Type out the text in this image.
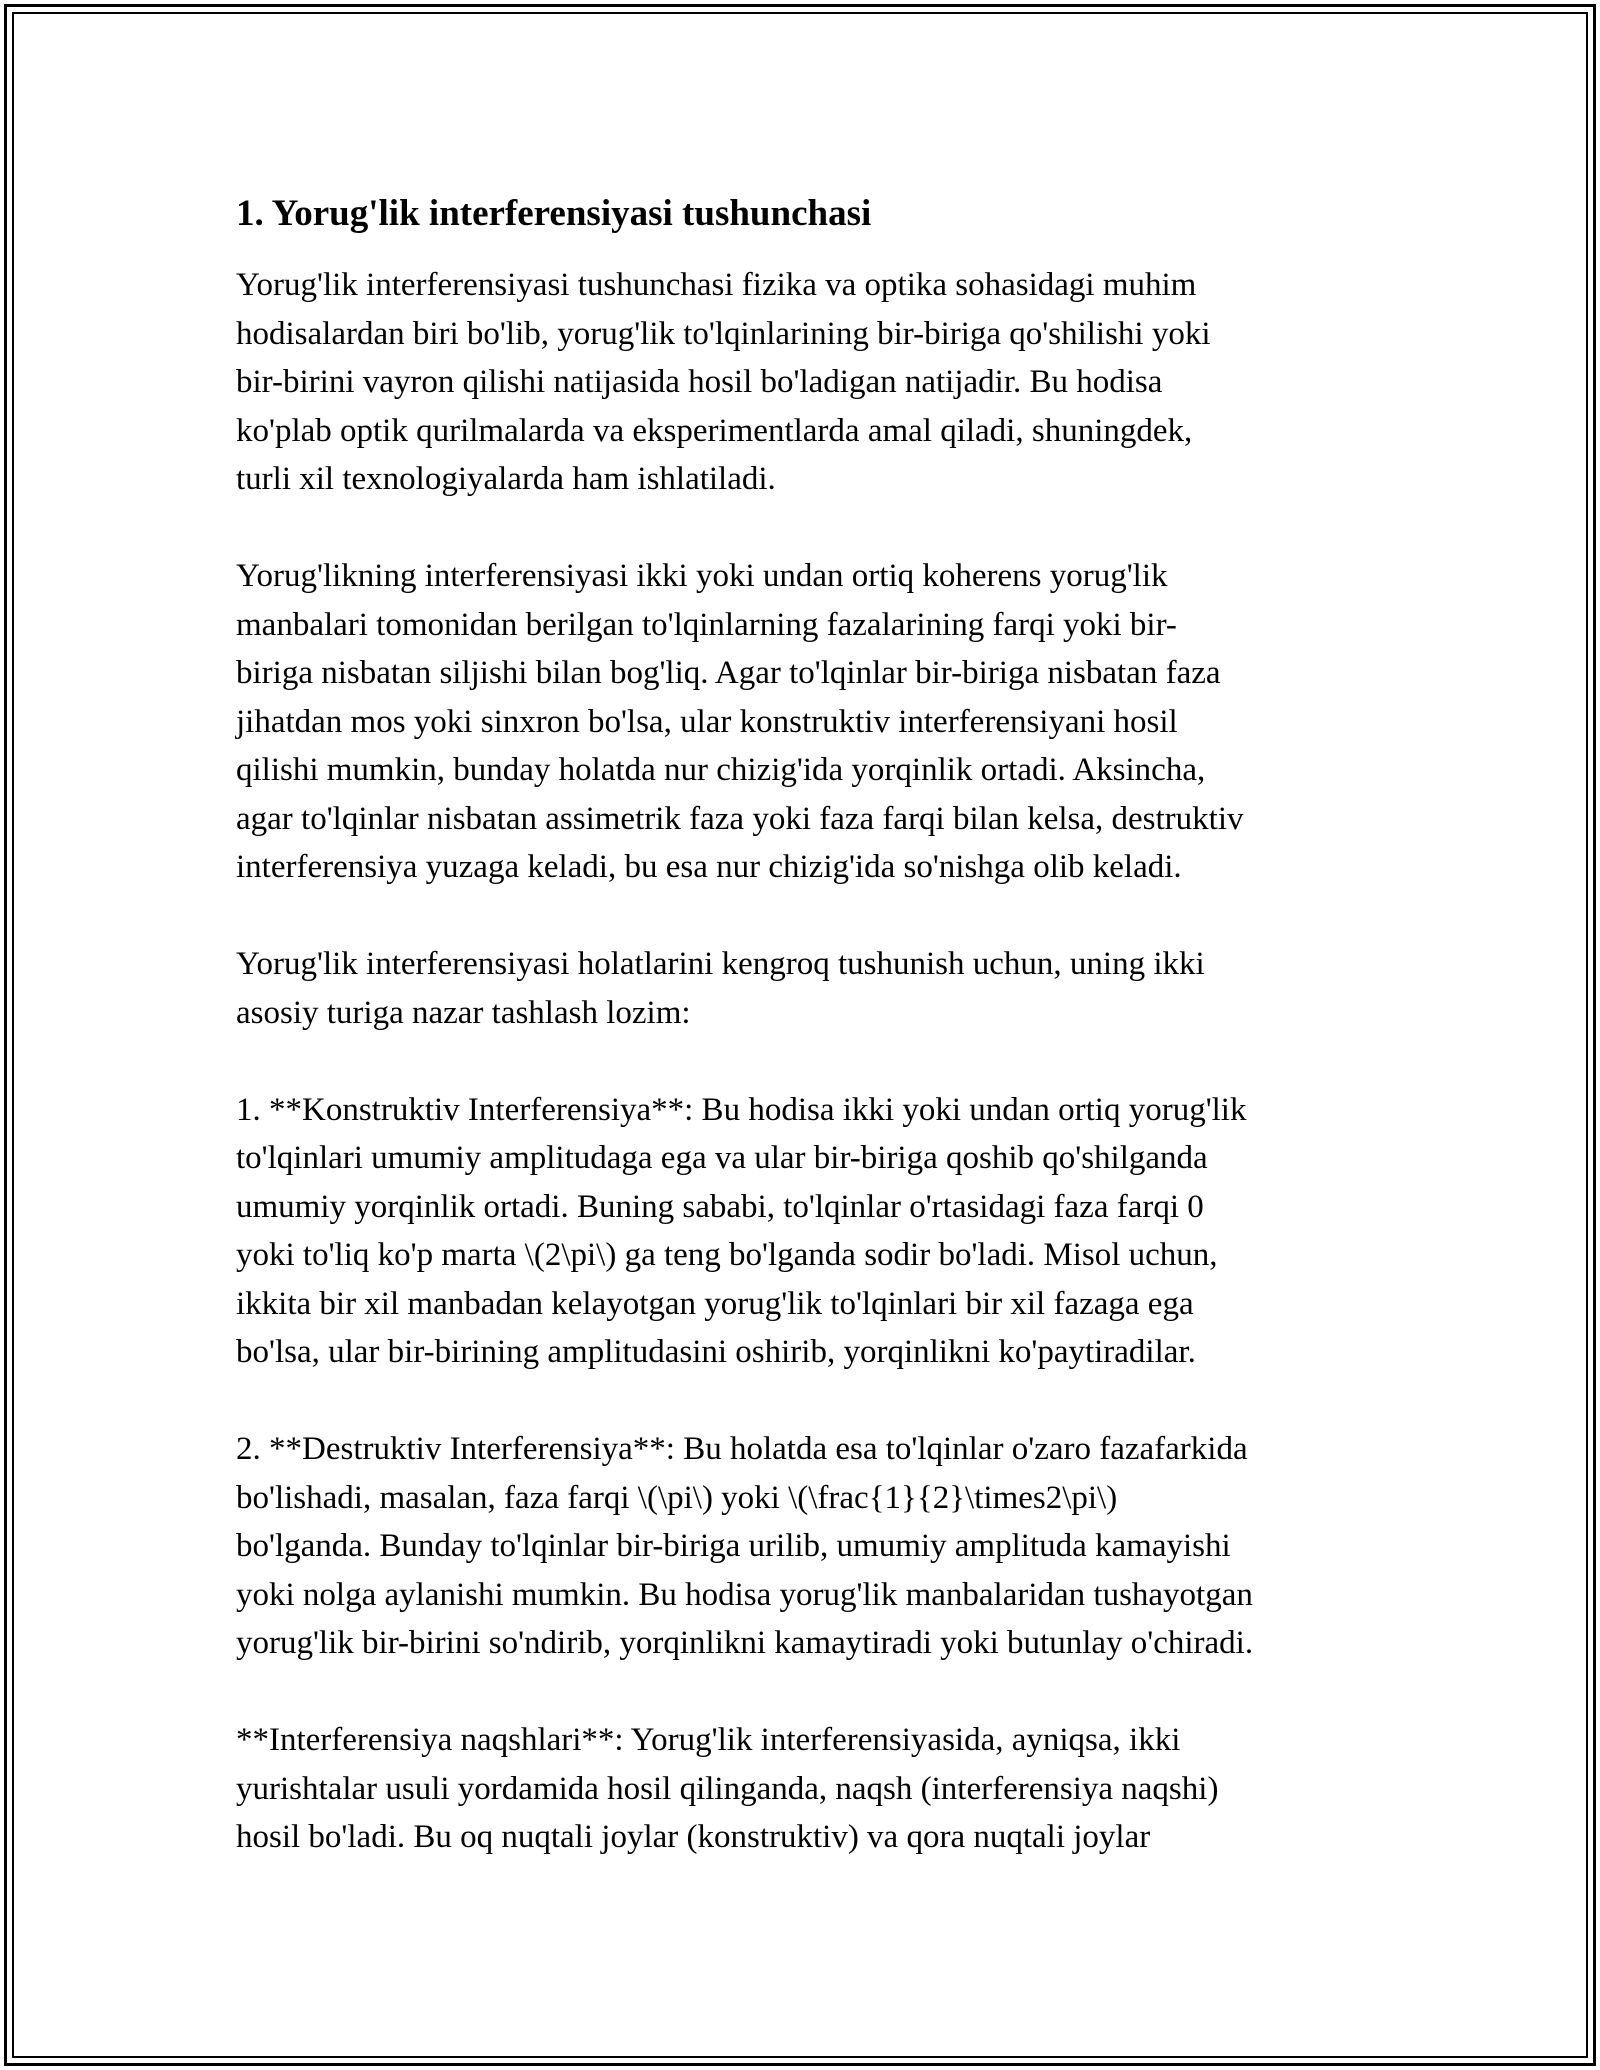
1. Yorug'lik interferensiyasi tushunchasi

Yorug'lik interferensiyasi tushunchasi fizika va optika sohasidagi muhim
hodisalardan biri bo'lib, yorug'lik to'lqinlarining bir-biriga qo'shilishi yoki
bir-birini vayron qilishi natijasida hosil bo'ladigan natijadir. Bu hodisa
ko'plab optik qurilmalarda va eksperimentlarda amal qiladi, shuningdek,
turli xil texnologiyalarda ham ishlatiladi.

Yorug'likning interferensiyasi ikki yoki undan ortiq koherens yorug'lik
manbalari tomonidan berilgan to'lqinlarning fazalarining farqi yoki bir-
biriga nisbatan siljishi bilan bog'liq. Agar to'lqinlar bir-biriga nisbatan faza
jihatdan mos yoki sinxron bo'lsa, ular konstruktiv interferensiyani hosil
qilishi mumkin, bunday holatda nur chizig'ida yorqinlik ortadi. Aksincha,
agar to'lqinlar nisbatan assimetrik faza yoki faza farqi bilan kelsa, destruktiv
interferensiya yuzaga keladi, bu esa nur chizig'ida so'nishga olib keladi.

Yorug'lik interferensiyasi holatlarini kengroq tushunish uchun, uning ikki
asosiy turiga nazar tashlash lozim:

1. **Konstruktiv Interferensiya**: Bu hodisa ikki yoki undan ortiq yorug'lik
to'lqinlari umumiy amplitudaga ega va ular bir-biriga qoshib qo'shilganda
umumiy yorqinlik ortadi. Buning sababi, to'lqinlar o'rtasidagi faza farqi 0
yoki to'liq ko'p marta \(2\pi\) ga teng bo'lganda sodir bo'ladi. Misol uchun,
ikkita bir xil manbadan kelayotgan yorug'lik to'lqinlari bir xil fazaga ega
bo'lsa, ular bir-birining amplitudasini oshirib, yorqinlikni ko'paytiradilar.

2. **Destruktiv Interferensiya**: Bu holatda esa to'lqinlar o'zaro fazafarkida
bo'lishadi, masalan, faza farqi \(\pi\) yoki \(\frac{1}{2}\times2\pi\)
bo'lganda. Bunday to'lqinlar bir-biriga urilib, umumiy amplituda kamayishi
yoki nolga aylanishi mumkin. Bu hodisa yorug'lik manbalaridan tushayotgan
yorug'lik bir-birini so'ndirib, yorqinlikni kamaytiradi yoki butunlay o'chiradi.

**Interferensiya naqshlari**: Yorug'lik interferensiyasida, ayniqsa, ikki
yurishtalar usuli yordamida hosil qilinganda, naqsh (interferensiya naqshi)
hosil bo'ladi. Bu oq nuqtali joylar (konstruktiv) va qora nuqtali joylar
